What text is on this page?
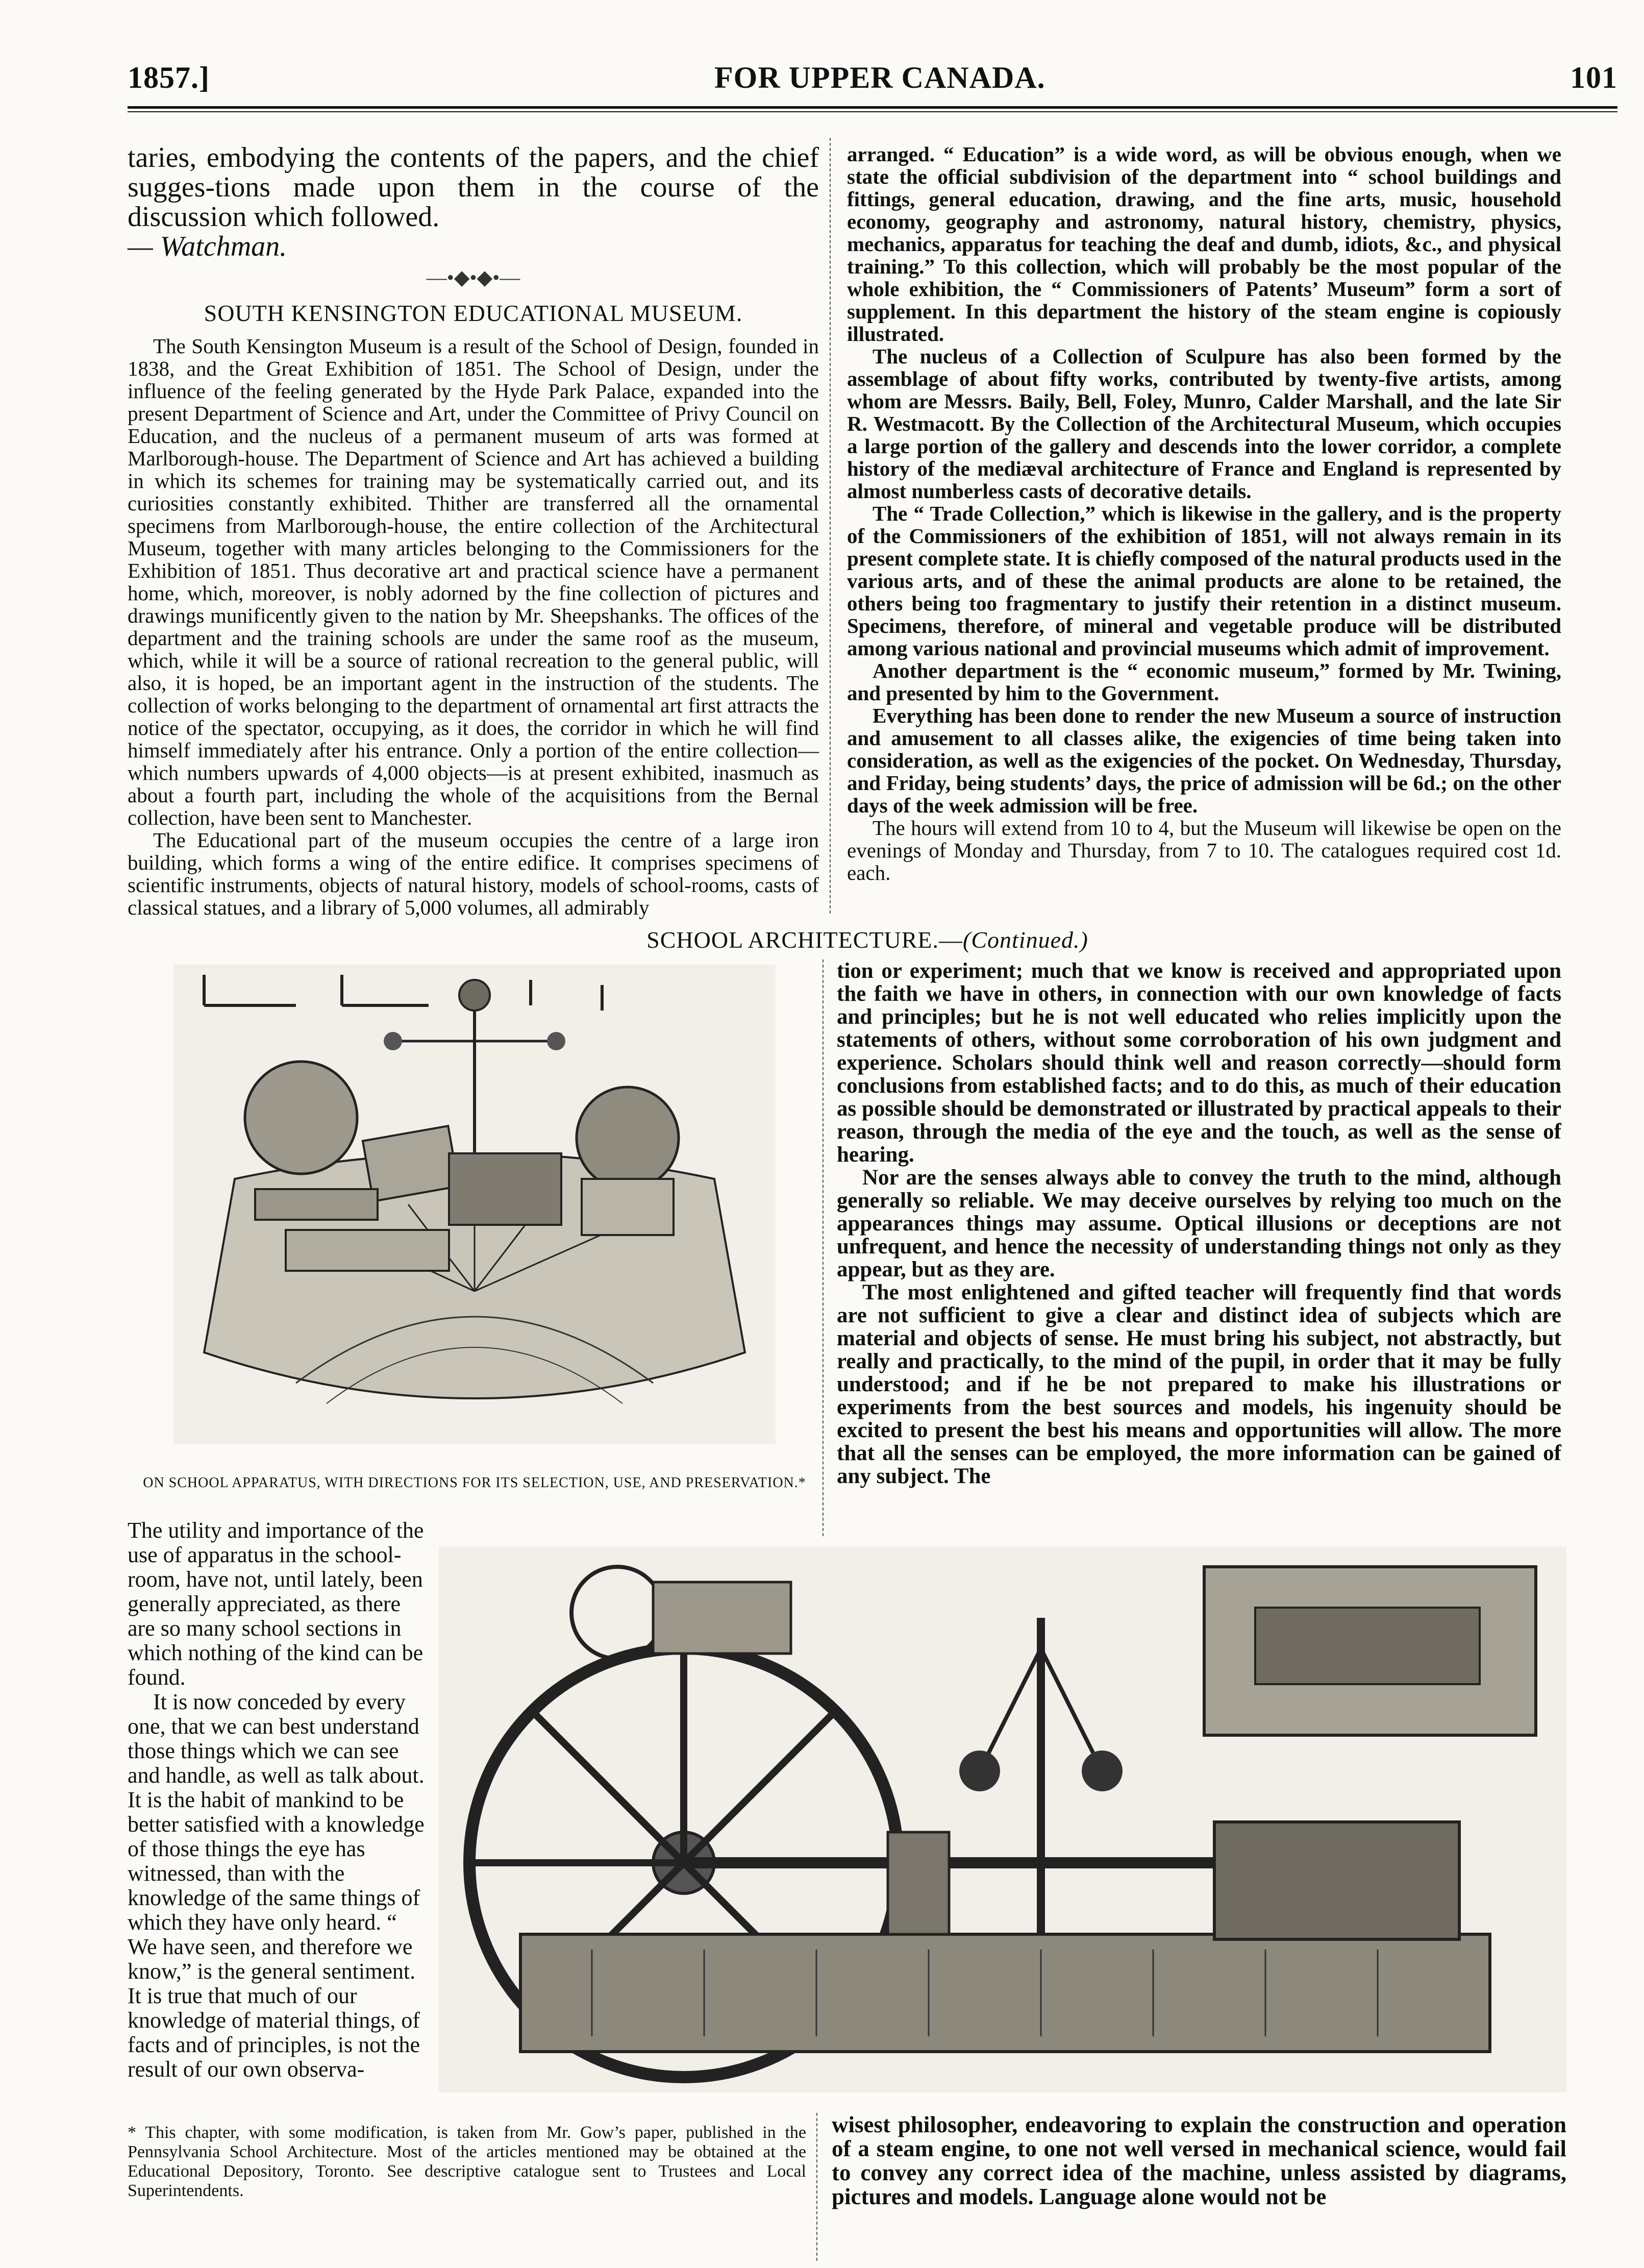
1857.]	FOR UPPER CANADA.	101

taries, embodying the contents of the papers, and the chief sugges-tions made upon them in the course of the discussion which followed.

— Watchman.

—•◆•◆•—
SOUTH KENSINGTON EDUCATIONAL MUSEUM.

The South Kensington Museum is a result of the School of Design, founded in 1838, and the Great Exhibition of 1851. The School of Design, under the influence of the feeling generated by the Hyde Park Palace, expanded into the present Department of Science and Art, under the Committee of Privy Council on Education, and the nucleus of a permanent museum of arts was formed at Marlborough-house. The Department of Science and Art has achieved a building in which its schemes for training may be systematically carried out, and its curiosities constantly exhibited. Thither are transferred all the ornamental specimens from Marlborough-house, the entire collection of the Architectural Museum, together with many articles belonging to the Commissioners for the Exhibition of 1851. Thus decorative art and practical science have a permanent home, which, moreover, is nobly adorned by the fine collection of pictures and drawings munificently given to the nation by Mr. Sheepshanks. The offices of the department and the training schools are under the same roof as the museum, which, while it will be a source of rational recreation to the general public, will also, it is hoped, be an important agent in the instruction of the students. The collection of works belonging to the department of ornamental art first attracts the notice of the spectator, occupying, as it does, the corridor in which he will find himself immediately after his entrance. Only a portion of the entire collection—which numbers upwards of 4,000 objects—is at present exhibited, inasmuch as about a fourth part, including the whole of the acquisitions from the Bernal collection, have been sent to Manchester.

The Educational part of the museum occupies the centre of a large iron building, which forms a wing of the entire edifice. It comprises specimens of scientific instruments, objects of natural history, models of school-rooms, casts of classical statues, and a library of 5,000 volumes, all admirably

arranged. “ Education” is a wide word, as will be obvious enough, when we state the official subdivision of the department into “ school buildings and fittings, general education, drawing, and the fine arts, music, household economy, geography and astronomy, natural history, chemistry, physics, mechanics, apparatus for teaching the deaf and dumb, idiots, &c., and physical training.” To this collection, which will probably be the most popular of the whole exhibition, the “ Commissioners of Patents’ Museum” form a sort of supplement. In this department the history of the steam engine is copiously illustrated.

The nucleus of a Collection of Sculpure has also been formed by the assemblage of about fifty works, contributed by twenty-five artists, among whom are Messrs. Baily, Bell, Foley, Munro, Calder Marshall, and the late Sir R. Westmacott. By the Collection of the Architectural Museum, which occupies a large portion of the gallery and descends into the lower corridor, a complete history of the mediæval architecture of France and England is represented by almost numberless casts of decorative details.

The “ Trade Collection,” which is likewise in the gallery, and is the property of the Commissioners of the exhibition of 1851, will not always remain in its present complete state. It is chiefly composed of the natural products used in the various arts, and of these the animal products are alone to be retained, the others being too fragmentary to justify their retention in a distinct museum. Specimens, therefore, of mineral and vegetable produce will be distributed among various national and provincial museums which admit of improvement.

Another department is the “ economic museum,” formed by Mr. Twining, and presented by him to the Government.

Everything has been done to render the new Museum a source of instruction and amusement to all classes alike, the exigencies of time being taken into consideration, as well as the exigencies of the pocket. On Wednesday, Thursday, and Friday, being students’ days, the price of admission will be 6d.; on the other days of the week admission will be free.

The hours will extend from 10 to 4, but the Museum will likewise be open on the evenings of Monday and Thursday, from 7 to 10. The catalogues required cost 1d. each.

SCHOOL ARCHITECTURE.—(Continued.)
ON SCHOOL APPARATUS, WITH DIRECTIONS FOR ITS SELECTION, USE, AND PRESERVATION.*

tion or experiment; much that we know is received and appropriated upon the faith we have in others, in connection with our own knowledge of facts and principles; but he is not well educated who relies implicitly upon the statements of others, without some corroboration of his own judgment and experience. Scholars should think well and reason correctly—should form conclusions from established facts; and to do this, as much of their education as possible should be demonstrated or illustrated by practical appeals to their reason, through the media of the eye and the touch, as well as the sense of hearing.

Nor are the senses always able to convey the truth to the mind, although generally so reliable. We may deceive ourselves by relying too much on the appearances things may assume. Optical illusions or deceptions are not unfrequent, and hence the necessity of understanding things not only as they appear, but as they are.

The most enlightened and gifted teacher will frequently find that words are not sufficient to give a clear and distinct idea of subjects which are material and objects of sense. He must bring his subject, not abstractly, but really and practically, to the mind of the pupil, in order that it may be fully understood; and if he be not prepared to make his illustrations or experiments from the best sources and models, his ingenuity should be excited to present the best his means and opportunities will allow. The more that all the senses can be employed, the more information can be gained of any subject. The

The utility and importance of the use of apparatus in the school-room, have not, until lately, been generally appreciated, as there are so many school sections in which nothing of the kind can be found.

It is now conceded by every one, that we can best understand those things which we can see and handle, as well as talk about. It is the habit of mankind to be better satisfied with a knowledge of those things the eye has witnessed, than with the knowledge of the same things of which they have only heard. “ We have seen, and therefore we know,” is the general sentiment. It is true that much of our knowledge of material things, of facts and of principles, is not the result of our own observa-

* This chapter, with some modification, is taken from Mr. Gow’s paper, published in the Pennsylvania School Architecture. Most of the articles mentioned may be obtained at the Educational Depository, Toronto. See descriptive catalogue sent to Trustees and Local Superintendents.

wisest philosopher, endeavoring to explain the construction and operation of a steam engine, to one not well versed in mechanical science, would fail to convey any correct idea of the machine, unless assisted by diagrams, pictures and models. Language alone would not be
